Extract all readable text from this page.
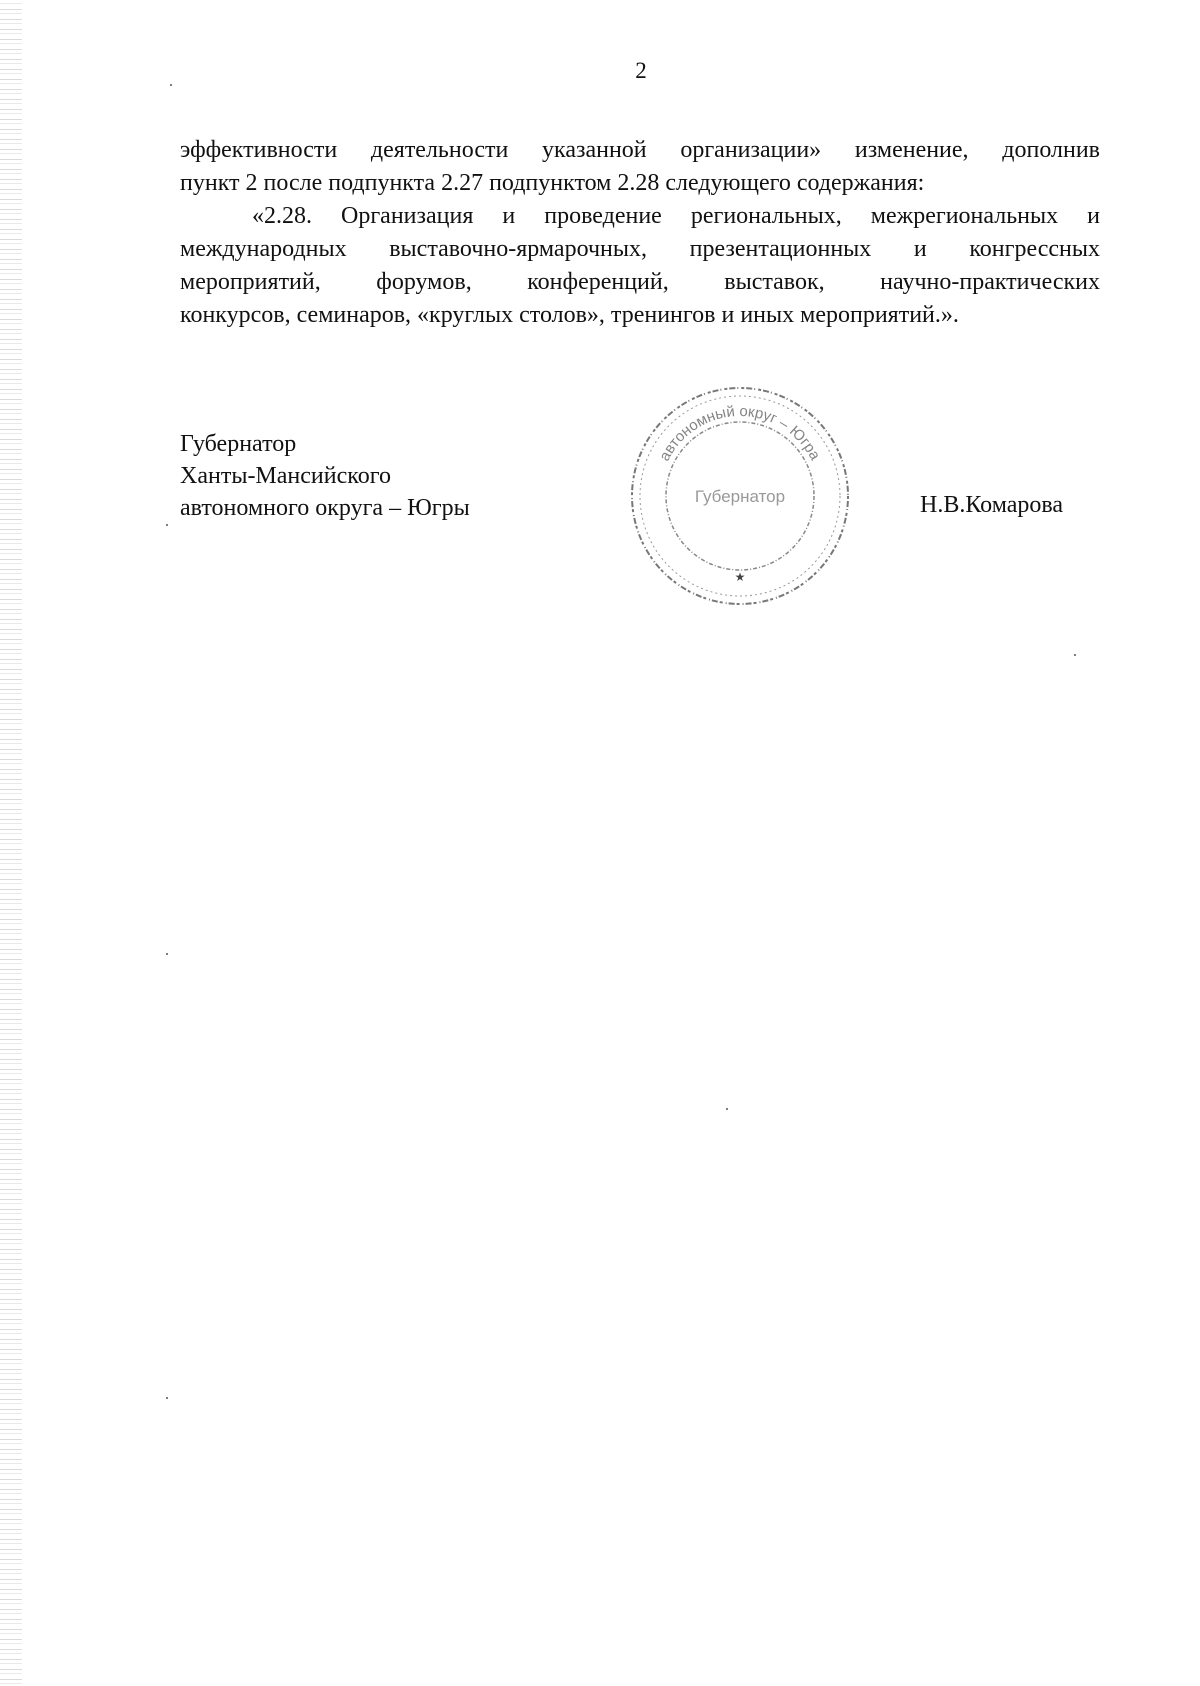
2

эффективности деятельности указанной организации» изменение, дополнив

пункт 2 после подпункта 2.27 подпунктом 2.28 следующего содержания:

«2.28. Организация и проведение региональных, межрегиональных и

международных выставочно-ярмарочных, презентационных и конгрессных

мероприятий, форумов, конференций, выставок, научно-практических

конкурсов, семинаров, «круглых столов», тренингов и иных мероприятий.».

Губернатор
Ханты-Мансийского
автономного округа – Югры
автономный округ – Югра
Губернатор
★
Н.В.Комарова
